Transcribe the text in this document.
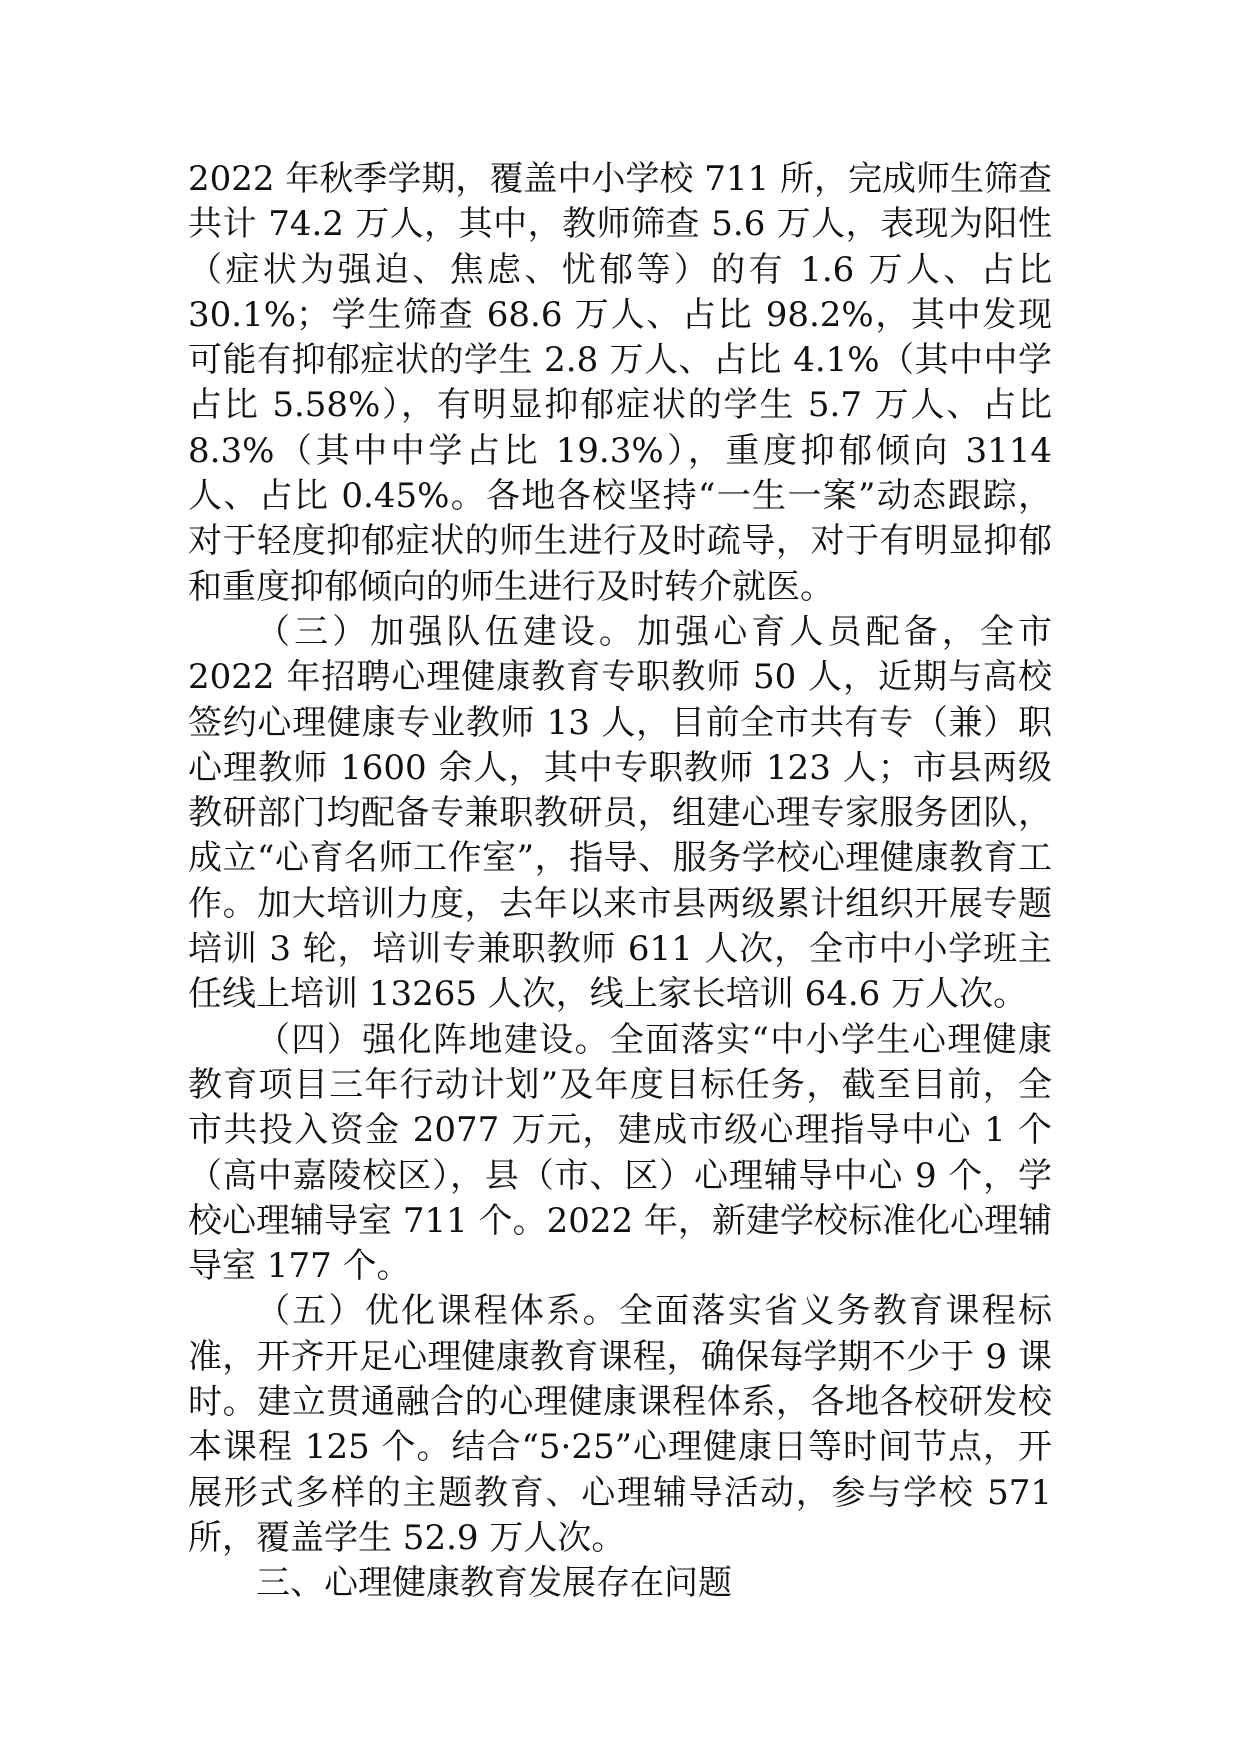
2022 年秋季学期，覆盖中小学校 711 所，完成师生筛查共计 74.2 万人，其中，教师筛查 5.6 万人，表现为阳性（症状为强迫、焦虑、忧郁等）的有 1.6 万人、占比 30.1%；学生筛查 68.6 万人、占比 98.2%，其中发现可能有抑郁症状的学生 2.8 万人、占比 4.1%（其中中学占比 5.58%），有明显抑郁症状的学生 5.7 万人、占比 8.3%（其中中学占比 19.3%），重度抑郁倾向 3114 人、占比 0.45%。各地各校坚持“一生一案”动态跟踪，对于轻度抑郁症状的师生进行及时疏导，对于有明显抑郁和重度抑郁倾向的师生进行及时转介就医。

（三）加强队伍建设。加强心育人员配备，全市 2022 年招聘心理健康教育专职教师 50 人，近期与高校签约心理健康专业教师 13 人，目前全市共有专（兼）职心理教师 1600 余人，其中专职教师 123 人；市县两级教研部门均配备专兼职教研员，组建心理专家服务团队，成立“心育名师工作室”，指导、服务学校心理健康教育工作。加大培训力度，去年以来市县两级累计组织开展专题培训 3 轮，培训专兼职教师 611 人次，全市中小学班主任线上培训 13265 人次，线上家长培训 64.6 万人次。

（四）强化阵地建设。全面落实“中小学生心理健康教育项目三年行动计划”及年度目标任务，截至目前，全市共投入资金 2077 万元，建成市级心理指导中心 1 个（高中嘉陵校区），县（市、区）心理辅导中心 9 个，学校心理辅导室 711 个。2022 年，新建学校标准化心理辅导室 177 个。

（五）优化课程体系。全面落实省义务教育课程标准，开齐开足心理健康教育课程，确保每学期不少于 9 课时。建立贯通融合的心理健康课程体系，各地各校研发校本课程 125 个。结合“5·25”心理健康日等时间节点，开展形式多样的主题教育、心理辅导活动，参与学校 571 所，覆盖学生 52.9 万人次。

三、心理健康教育发展存在问题
